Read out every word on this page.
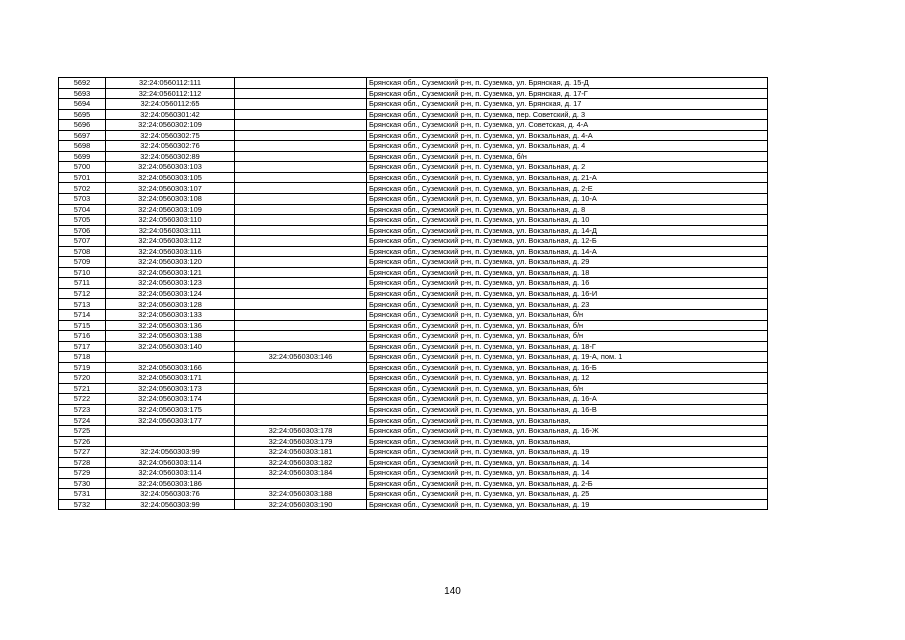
5692	32:24:0560112:111		Брянская обл., Суземский р-н, п. Суземка, ул. Брянская, д. 15-Д
5693	32:24:0560112:112		Брянская обл., Суземский р-н, п. Суземка, ул. Брянская, д. 17-Г
5694	32:24:0560112:65		Брянская обл., Суземский р-н, п. Суземка, ул. Брянская, д. 17
5695	32:24:0560301:42		Брянская обл., Суземский р-н, п. Суземка, пер. Советский, д. 3
5696	32:24:0560302:109		Брянская обл., Суземский р-н, п. Суземка, ул. Советская, д. 4-А
5697	32:24:0560302:75		Брянская обл., Суземский р-н, п. Суземка, ул. Вокзальная, д. 4-А
5698	32:24:0560302:76		Брянская обл., Суземский р-н, п. Суземка, ул. Вокзальная, д. 4
5699	32:24:0560302:89		Брянская обл., Суземский р-н, п. Суземка, б/н
5700	32:24:0560303:103		Брянская обл., Суземский р-н, п. Суземка, ул. Вокзальная, д. 2
5701	32:24:0560303:105		Брянская обл., Суземский р-н, п. Суземка, ул. Вокзальная, д. 21-А
5702	32:24:0560303:107		Брянская обл., Суземский р-н, п. Суземка, ул. Вокзальная, д. 2-Е
5703	32:24:0560303:108		Брянская обл., Суземский р-н, п. Суземка, ул. Вокзальная, д. 10-А
5704	32:24:0560303:109		Брянская обл., Суземский р-н, п. Суземка, ул. Вокзальная, д. 8
5705	32:24:0560303:110		Брянская обл., Суземский р-н, п. Суземка, ул. Вокзальная, д. 10
5706	32:24:0560303:111		Брянская обл., Суземский р-н, п. Суземка, ул. Вокзальная, д. 14-Д
5707	32:24:0560303:112		Брянская обл., Суземский р-н, п. Суземка, ул. Вокзальная, д. 12-Б
5708	32:24:0560303:116		Брянская обл., Суземский р-н, п. Суземка, ул. Вокзальная, д. 14-А
5709	32:24:0560303:120		Брянская обл., Суземский р-н, п. Суземка, ул. Вокзальная, д. 29
5710	32:24:0560303:121		Брянская обл., Суземский р-н, п. Суземка, ул. Вокзальная, д. 18
5711	32:24:0560303:123		Брянская обл., Суземский р-н, п. Суземка, ул. Вокзальная, д. 16
5712	32:24:0560303:124		Брянская обл., Суземский р-н, п. Суземка, ул. Вокзальная, д. 16-И
5713	32:24:0560303:128		Брянская обл., Суземский р-н, п. Суземка, ул. Вокзальная, д. 23
5714	32:24:0560303:133		Брянская обл., Суземский р-н, п. Суземка, ул. Вокзальная, б/н
5715	32:24:0560303:136		Брянская обл., Суземский р-н, п. Суземка, ул. Вокзальная, б/н
5716	32:24:0560303:138		Брянская обл., Суземский р-н, п. Суземка, ул. Вокзальная, б/н
5717	32:24:0560303:140		Брянская обл., Суземский р-н, п. Суземка, ул. Вокзальная, д. 18-Г
5718		32:24:0560303:146	Брянская обл., Суземский р-н, п. Суземка, ул. Вокзальная, д. 19-А, пом. 1
5719	32:24:0560303:166		Брянская обл., Суземский р-н, п. Суземка, ул. Вокзальная, д. 16-Б
5720	32:24:0560303:171		Брянская обл., Суземский р-н, п. Суземка, ул. Вокзальная, д. 12
5721	32:24:0560303:173		Брянская обл., Суземский р-н, п. Суземка, ул. Вокзальная, б/н
5722	32:24:0560303:174		Брянская обл., Суземский р-н, п. Суземка, ул. Вокзальная, д. 16-А
5723	32:24:0560303:175		Брянская обл., Суземский р-н, п. Суземка, ул. Вокзальная, д. 16-В
5724	32:24:0560303:177		Брянская обл., Суземский р-н, п. Суземка, ул. Вокзальная,
5725		32:24:0560303:178	Брянская обл., Суземский р-н, п. Суземка, ул. Вокзальная, д. 16-Ж
5726		32:24:0560303:179	Брянская обл., Суземский р-н, п. Суземка, ул. Вокзальная,
5727	32:24:0560303:99	32:24:0560303:181	Брянская обл., Суземский р-н, п. Суземка, ул. Вокзальная, д. 19
5728	32:24:0560303:114	32:24:0560303:182	Брянская обл., Суземский р-н, п. Суземка, ул. Вокзальная, д. 14
5729	32:24:0560303:114	32:24:0560303:184	Брянская обл., Суземский р-н, п. Суземка, ул. Вокзальная, д. 14
5730	32:24:0560303:186		Брянская обл., Суземский р-н, п. Суземка, ул. Вокзальная, д. 2-Б
5731	32:24:0560303:76	32:24:0560303:188	Брянская обл., Суземский р-н, п. Суземка, ул. Вокзальная, д. 25
5732	32:24:0560303:99	32:24:0560303:190	Брянская обл., Суземский р-н, п. Суземка, ул. Вокзальная, д. 19
140
